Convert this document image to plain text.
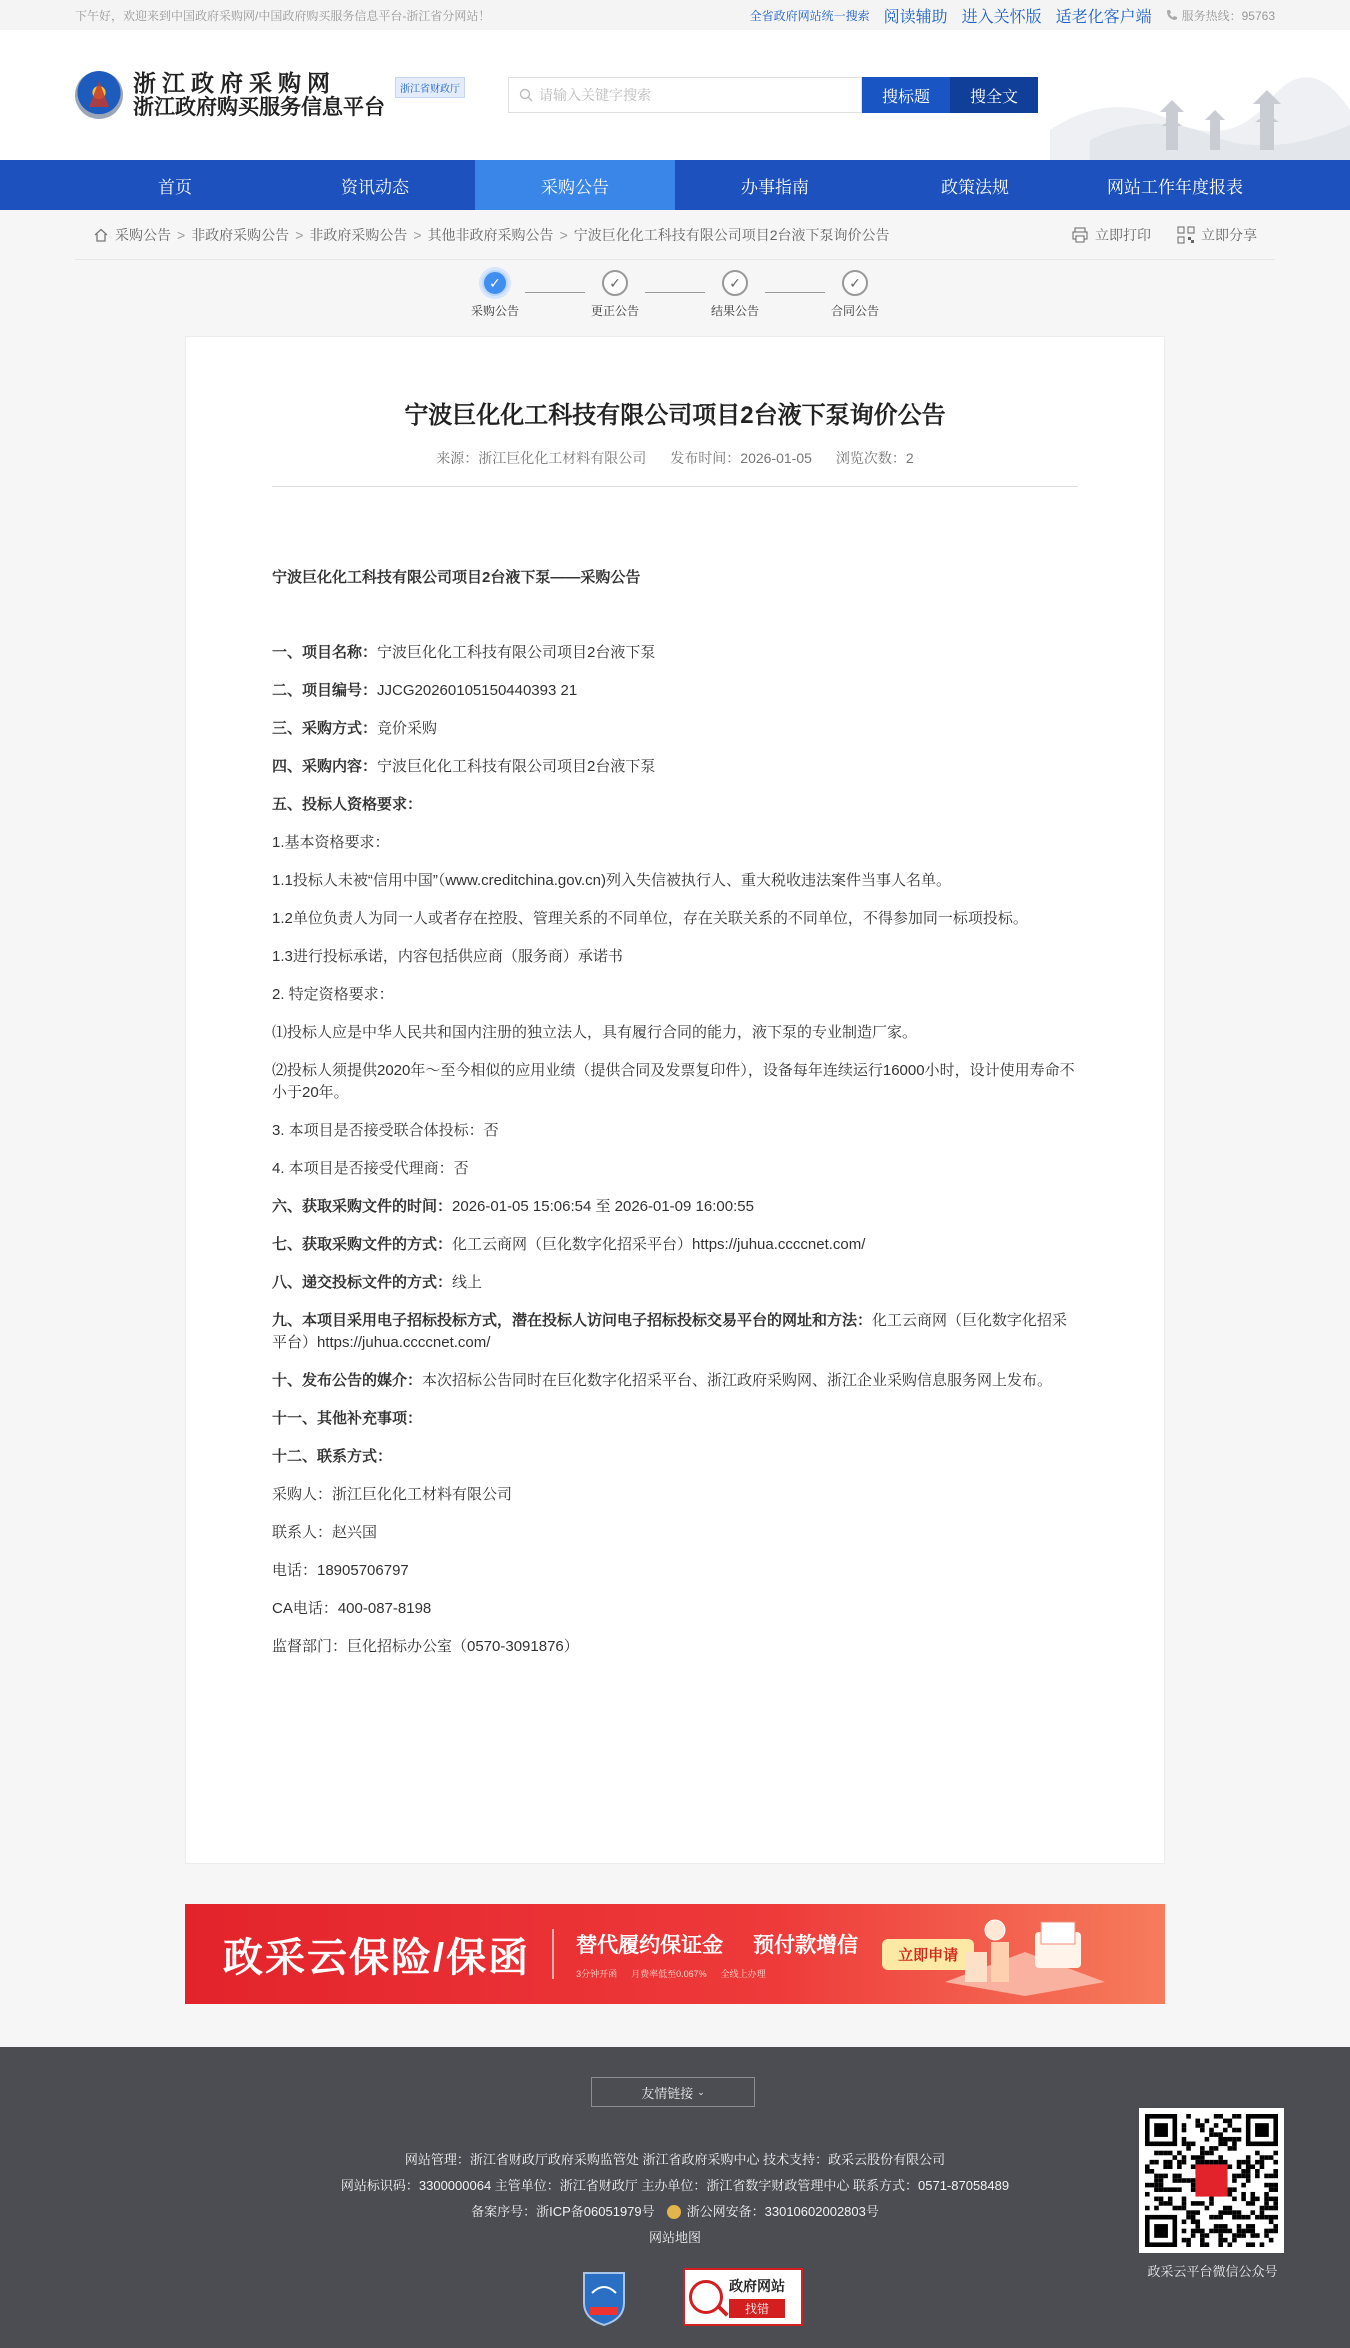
下午好，欢迎来到中国政府采购网/中国政府购买服务信息平台-浙江省分网站！	全省政府网站统一搜索 阅读辅助 进入关怀版 适老化客户端	服务热线：95763
浙江政府采购网
浙江政府购买服务信息平台
浙江省财政厅	请输入关键字搜索	搜标题	搜全文
首页	资讯动态	采购公告	办事指南	政策法规	网站工作年度报表
采购公告 > 非政府采购公告 > 非政府采购公告 > 其他非政府采购公告 > 宁波巨化化工科技有限公司项目2台液下泵询价公告	立即打印	立即分享
✓
采购公告
✓
更正公告
✓
结果公告
✓
合同公告
宁波巨化化工科技有限公司项目2台液下泵询价公告
来源：浙江巨化化工材料有限公司 发布时间：2026-01-05 浏览次数：2

宁波巨化化工科技有限公司项目2台液下泵——采购公告

一、项目名称：宁波巨化化工科技有限公司项目2台液下泵

二、项目编号：JJCG20260105150440393 21

三、采购方式：竞价采购

四、采购内容：宁波巨化化工科技有限公司项目2台液下泵

五、投标人资格要求：

1.基本资格要求：

1.1投标人未被“信用中国”（www.creditchina.gov.cn)列入失信被执行人、重大税收违法案件当事人名单。

1.2单位负责人为同一人或者存在控股、管理关系的不同单位，存在关联关系的不同单位，不得参加同一标项投标。

1.3进行投标承诺，内容包括供应商（服务商）承诺书

2. 特定资格要求：

⑴投标人应是中华人民共和国内注册的独立法人，具有履行合同的能力，液下泵的专业制造厂家。

⑵投标人须提供2020年～至今相似的应用业绩（提供合同及发票复印件），设备每年连续运行16000小时，设计使用寿命不小于20年。

3. 本项目是否接受联合体投标：否

4. 本项目是否接受代理商：否

六、获取采购文件的时间：2026-01-05 15:06:54 至 2026-01-09 16:00:55

七、获取采购文件的方式：化工云商网（巨化数字化招采平台）https://juhua.ccccnet.com/

八、递交投标文件的方式：线上

九、本项目采用电子招标投标方式，潜在投标人访问电子招标投标交易平台的网址和方法：化工云商网（巨化数字化招采平台）https://juhua.ccccnet.com/

十、发布公告的媒介：本次招标公告同时在巨化数字化招采平台、浙江政府采购网、浙江企业采购信息服务网上发布。

十一、其他补充事项：

十二、联系方式：

采购人：浙江巨化化工材料有限公司

联系人：赵兴国

电话：18905706797

CA电话：400-087-8198

监督部门：巨化招标办公室（0570-3091876）

政采云保险/保函 替代履约保证金 预付款增信
3分钟开函 月费率低至0.067% 全线上办理
立即申请
友情链接 ⌄
网站管理：浙江省财政厅政府采购监管处 浙江省政府采购中心 技术支持：政采云股份有限公司
网站标识码：3300000064 主管单位：浙江省财政厅 主办单位：浙江省数字财政管理中心 联系方式：0571-87058489
备案序号：浙ICP备06051979号 浙公网安备：33010602002803号
网站地图
政府网站
找错
政采云平台微信公众号
